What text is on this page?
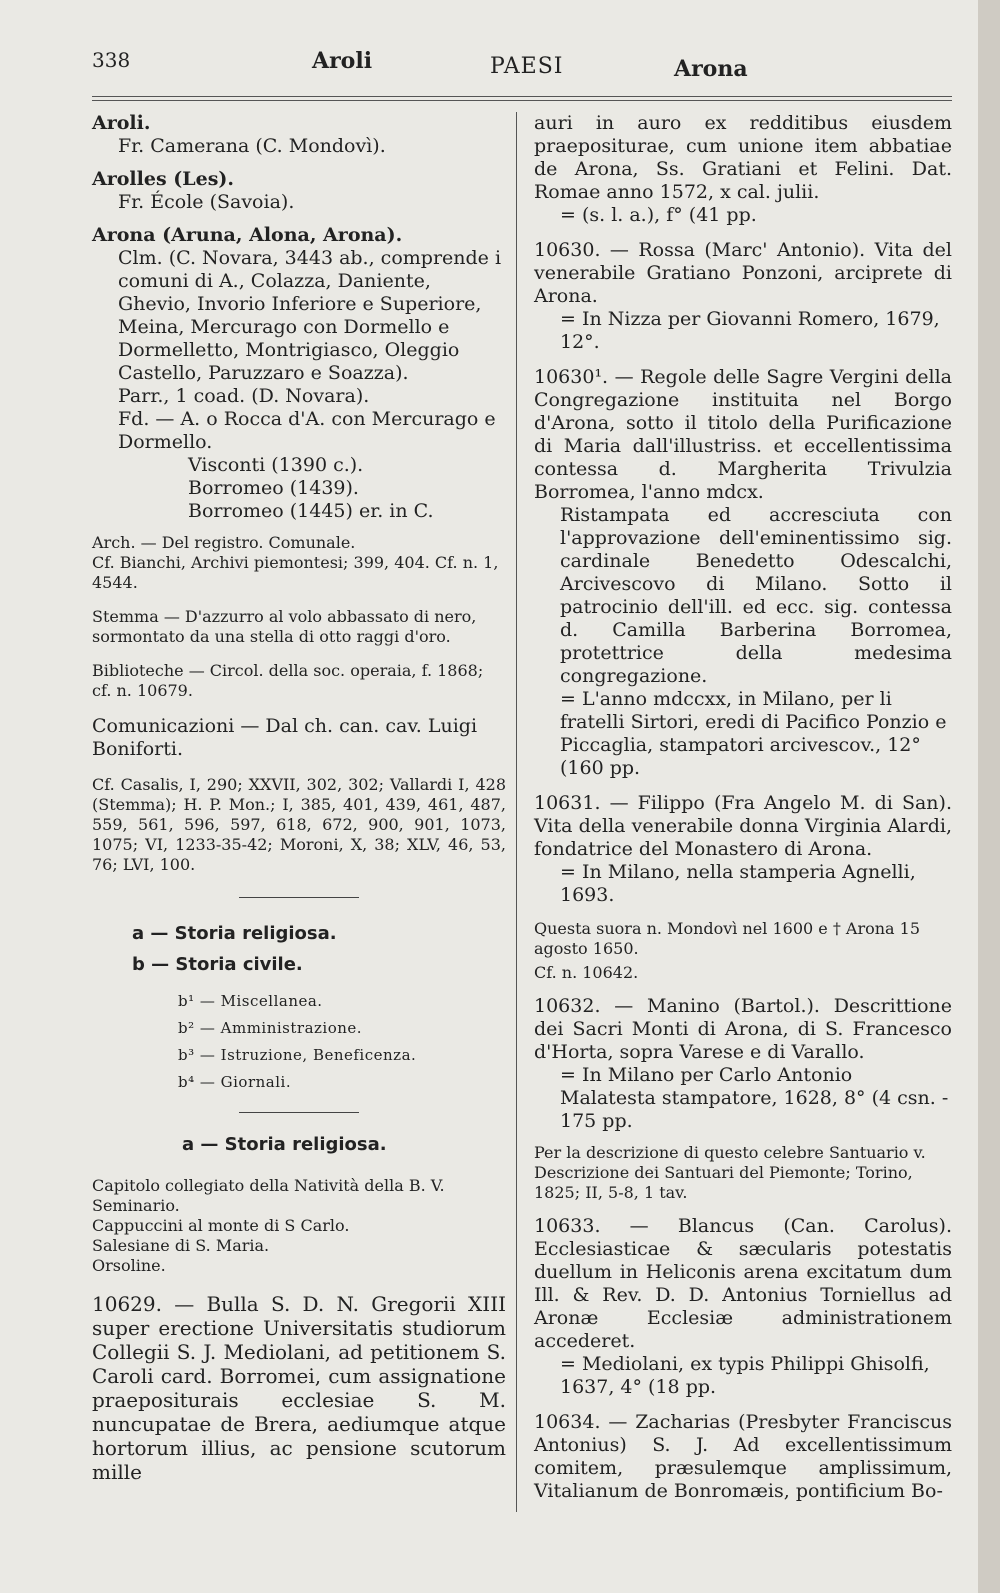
338	Aroli	PAESI	Arona

Aroli.

Fr. Camerana (C. Mondovì).

Arolles (Les).

Fr. École (Savoia).

Arona (Aruna, Alona, Arona).

Clm. (C. Novara, 3443 ab., comprende i comuni di A., Colazza, Daniente, Ghevio, Invorio Inferiore e Superiore, Meina, Mercurago con Dormello e Dormelletto, Montrigiasco, Oleggio Castello, Paruzzaro e Soazza).

Parr., 1 coad. (D. Novara).

Fd. — A. o Rocca d'A. con Mercurago e Dormello.

Visconti (1390 c.).

Borromeo (1439).

Borromeo (1445) er. in C.

Arch. — Del registro. Comunale.

Cf. Bianchi, Archivi piemontesi; 399, 404. Cf. n. 1, 4544.

Stemma — D'azzurro al volo abbassato di nero, sormontato da una stella di otto raggi d'oro.

Biblioteche — Circol. della soc. operaia, f. 1868; cf. n. 10679.

Comunicazioni — Dal ch. can. cav. Luigi Boniforti.

Cf. Casalis, I, 290; XXVII, 302, 302; Vallardi I, 428 (Stemma); H. P. Mon.; I, 385, 401, 439, 461, 487, 559, 561, 596, 597, 618, 672, 900, 901, 1073, 1075; VI, 1233-35-42; Moroni, X, 38; XLV, 46, 53, 76; LVI, 100.

a — Storia religiosa.

b — Storia civile.

b¹ — Miscellanea.

b² — Amministrazione.

b³ — Istruzione, Beneficenza.

b⁴ — Giornali.

a — Storia religiosa.

Capitolo collegiato della Natività della B. V.

Seminario.

Cappuccini al monte di S Carlo.

Salesiane di S. Maria.

Orsoline.

10629. — Bulla S. D. N. Gregorii XIII super erectione Universitatis studiorum Collegii S. J. Mediolani, ad petitionem S. Caroli card. Borromei, cum assignatione praepositurais ecclesiae S. M. nuncupatae de Brera, aediumque atque hortorum illius, ac pensione scutorum mille

auri in auro ex redditibus eiusdem praepositurae, cum unione item abbatiae de Arona, Ss. Gratiani et Felini. Dat. Romae anno 1572, x cal. julii.

= (s. l. a.), f° (41 pp.

10630. — Rossa (Marc' Antonio). Vita del venerabile Gratiano Ponzoni, arciprete di Arona.

= In Nizza per Giovanni Romero, 1679, 12°.

10630¹. — Regole delle Sagre Vergini della Congregazione instituita nel Borgo d'Arona, sotto il titolo della Purificazione di Maria dall'illustriss. et eccellentissima contessa d. Margherita Trivulzia Borromea, l'anno mdcx.

Ristampata ed accresciuta con l'approvazione dell'eminentissimo sig. cardinale Benedetto Odescalchi, Arcivescovo di Milano. Sotto il patrocinio dell'ill. ed ecc. sig. contessa d. Camilla Barberina Borromea, protettrice della medesima congregazione.

= L'anno mdccxx, in Milano, per li fratelli Sirtori, eredi di Pacifico Ponzio e Piccaglia, stampatori arcivescov., 12° (160 pp.

10631. — Filippo (Fra Angelo M. di San). Vita della venerabile donna Virginia Alardi, fondatrice del Monastero di Arona.

= In Milano, nella stamperia Agnelli, 1693.

Questa suora n. Mondovì nel 1600 e † Arona 15 agosto 1650.

Cf. n. 10642.

10632. — Manino (Bartol.). Descrittione dei Sacri Monti di Arona, di S. Francesco d'Horta, sopra Varese e di Varallo.

= In Milano per Carlo Antonio Malatesta stampatore, 1628, 8° (4 csn. - 175 pp.

Per la descrizione di questo celebre Santuario v. Descrizione dei Santuari del Piemonte; Torino, 1825; II, 5-8, 1 tav.

10633. — Blancus (Can. Carolus). Ecclesiasticae & sæcularis potestatis duellum in Heliconis arena excitatum dum Ill. & Rev. D. D. Antonius Torniellus ad Aronæ Ecclesiæ administrationem accederet.

= Mediolani, ex typis Philippi Ghisolfi, 1637, 4° (18 pp.

10634. — Zacharias (Presbyter Franciscus Antonius) S. J. Ad excellentissimum comitem, præsulemque amplissimum, Vitalianum de Bonromæis, pontificium Bo-
